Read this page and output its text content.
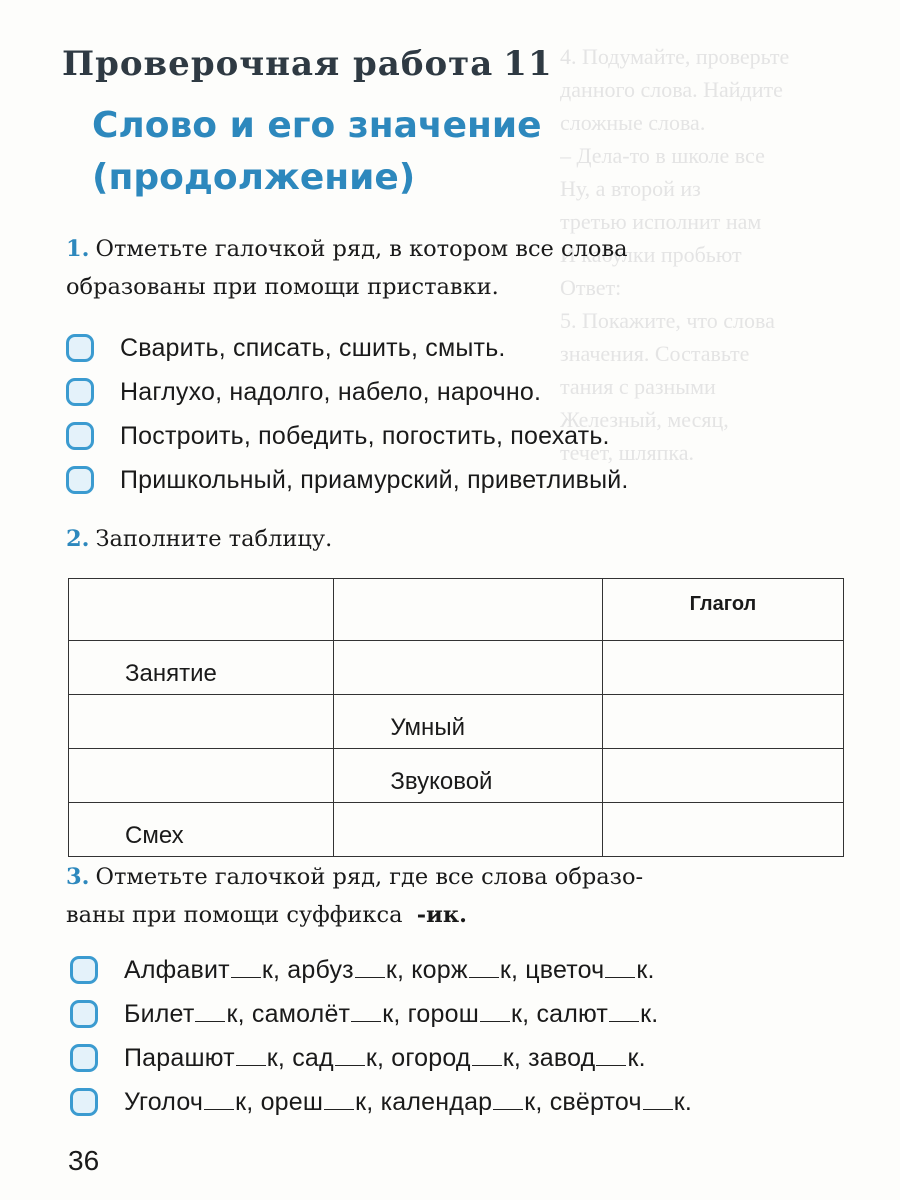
4. Подумайте, проверьте
данного слова. Найдите
сложные слова.
– Дела-то в школе все
Ну, а второй из
третью исполнит нам
И кабулки пробьют
Ответ:
5. Покажите, что слова
значения. Составьте
тания с разными
Железный, месяц,
течет, шляпка.
Проверочная работа 11
Слово и его значение
(продолжение)
1. Отметьте галочкой ряд, в котором все слова
образованы при помощи приставки.
Сварить, списать, сшить, смыть.
Наглухо, надолго, набело, нарочно.
Построить, победить, погостить, поехать.
Пришкольный, приамурский, приветливый.
2. Заполните таблицу.
		Глагол
Занятие		
	Умный	
	Звуковой	
Смех		
3. Отметьте галочкой ряд, где все слова образо-
ваны при помощи суффикса -ик.
Алфавит к, арбуз к, корж к, цветоч к.
Билет к, самолёт к, горош к, салют к.
Парашют к, сад к, огород к, завод к.
Уголоч к, ореш к, календар к, свёрточ к.
36
